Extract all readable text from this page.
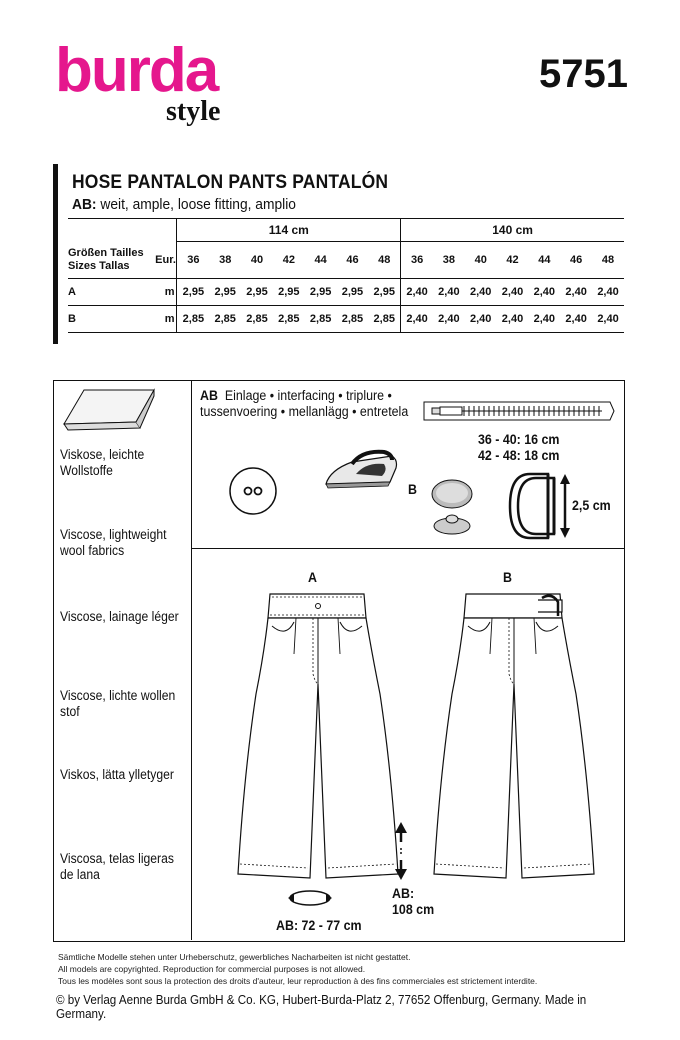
burda
style
5751
HOSE PANTALON PANTS PANTALÓN
AB: weit, ample, loose fitting, amplio
		114 cm							140 cm						
Größen Tailles
Sizes Tallas	Eur.	36	38	40	42	44	46	48	36	38	40	42	44	46	48
A	m	2,95	2,95	2,95	2,95	2,95	2,95	2,95	2,40	2,40	2,40	2,40	2,40	2,40	2,40
B	m	2,85	2,85	2,85	2,85	2,85	2,85	2,85	2,40	2,40	2,40	2,40	2,40	2,40	2,40
Viskose, leichte
Wollstoffe
Viscose, lightweight
wool fabrics
Viscose, lainage léger
Viscose, lichte wollen
stof
Viskos, lätta ylletyger
Viscosa, telas ligeras
de lana
AB Einlage • interfacing • triplure • tussenvoering • mellanlägg • entretela
36 - 40: 16 cm
42 - 48: 18 cm
B
2,5 cm
A	B
AB:
108 cm
AB: 72 - 77 cm
Sämtliche Modelle stehen unter Urheberschutz, gewerbliches Nacharbeiten ist nicht gestattet.
All models are copyrighted. Reproduction for commercial purposes is not allowed.
Tous les modèles sont sous la protection des droits d'auteur, leur reproduction à des fins commerciales est strictement interdite.
© by Verlag Aenne Burda GmbH & Co. KG, Hubert-Burda-Platz 2, 77652 Offenburg, Germany. Made in Germany.
